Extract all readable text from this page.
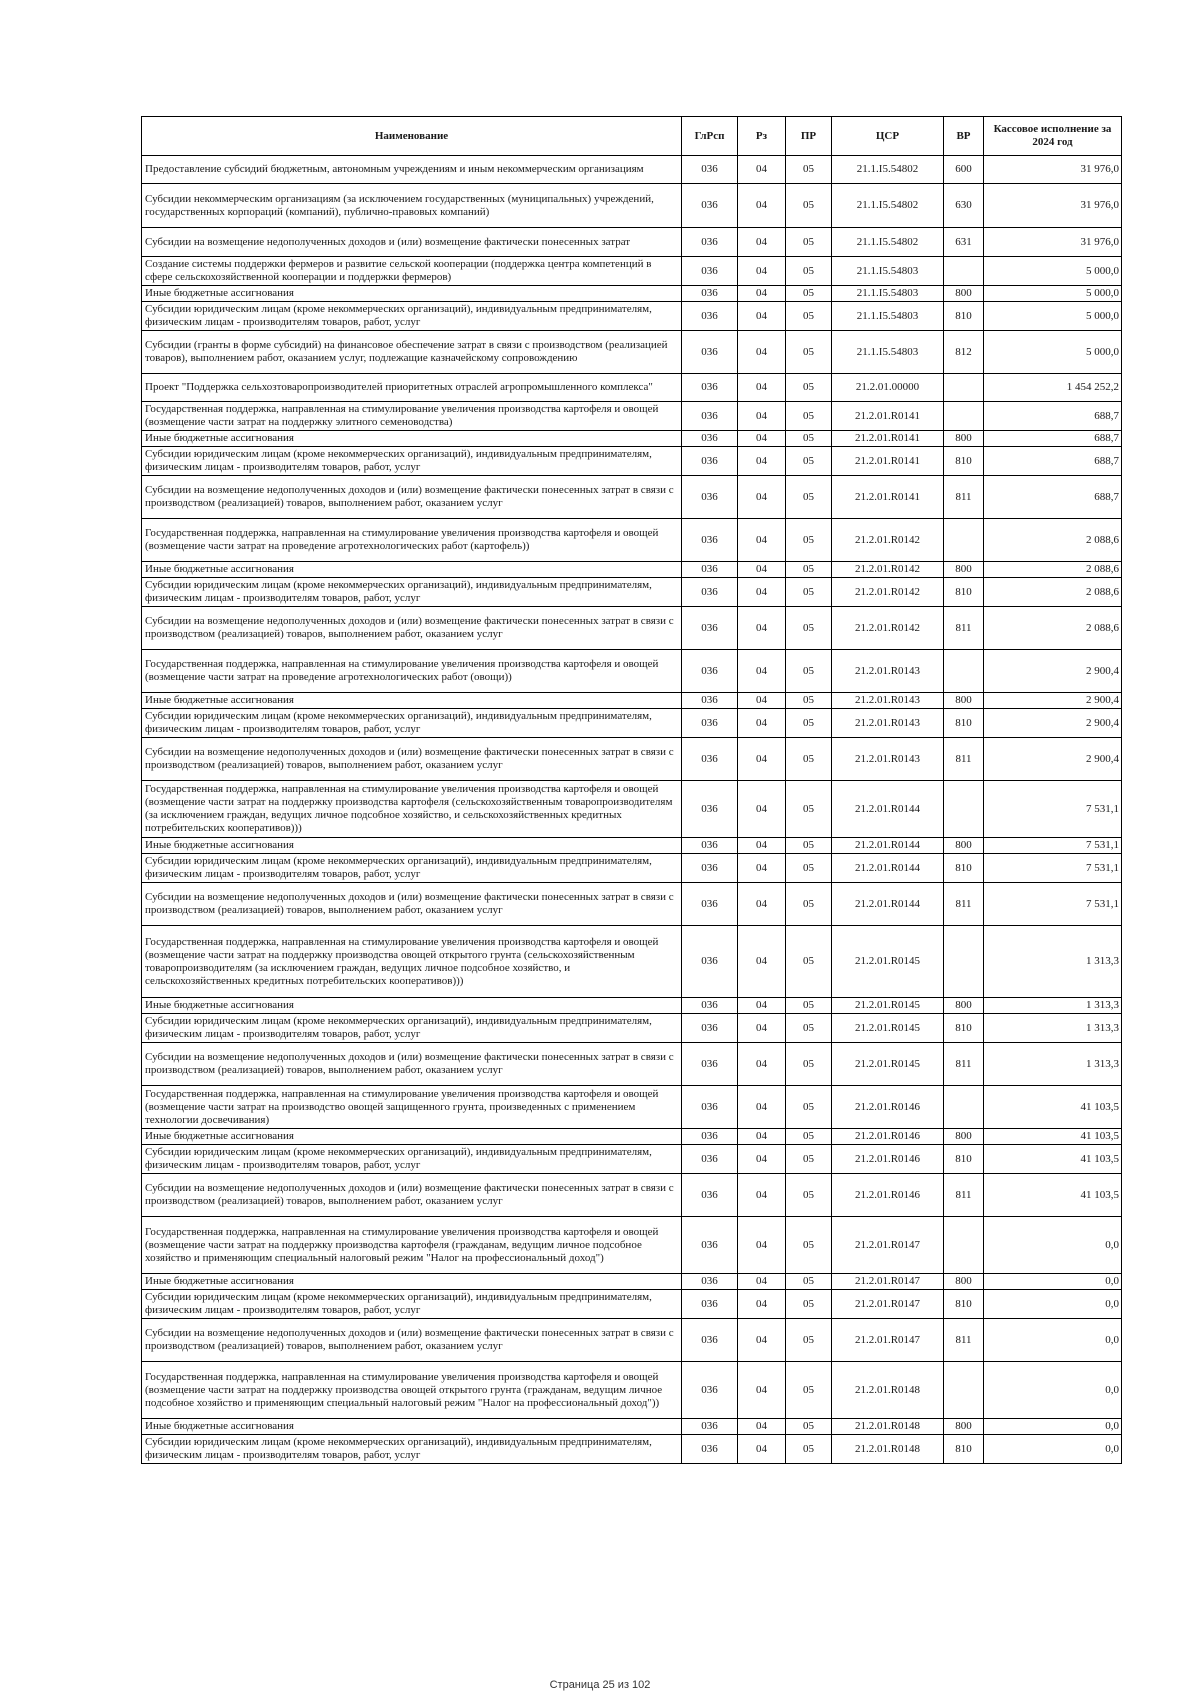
Наименование	ГлРсп	Рз	ПР	ЦСР	ВР	Кассовое исполнение за 2024 год
Предоставление субсидий бюджетным, автономным учреждениям и иным некоммерческим организациям	036	04	05	21.1.I5.54802	600	31 976,0
Субсидии некоммерческим организациям (за исключением государственных (муниципальных) учреждений, государственных корпораций (компаний), публично-правовых компаний)	036	04	05	21.1.I5.54802	630	31 976,0
Субсидии на возмещение недополученных доходов и (или) возмещение фактически понесенных затрат	036	04	05	21.1.I5.54802	631	31 976,0
Создание системы поддержки фермеров и развитие сельской кооперации (поддержка центра компетенций в сфере сельскохозяйственной кооперации и поддержки фермеров)	036	04	05	21.1.I5.54803		5 000,0
Иные бюджетные ассигнования	036	04	05	21.1.I5.54803	800	5 000,0
Субсидии юридическим лицам (кроме некоммерческих организаций), индивидуальным предпринимателям, физическим лицам - производителям товаров, работ, услуг	036	04	05	21.1.I5.54803	810	5 000,0
Субсидии (гранты в форме субсидий) на финансовое обеспечение затрат в связи с производством (реализацией товаров), выполнением работ, оказанием услуг, подлежащие казначейскому сопровождению	036	04	05	21.1.I5.54803	812	5 000,0
Проект "Поддержка сельхозтоваропроизводителей приоритетных отраслей агропромышленного комплекса"	036	04	05	21.2.01.00000		1 454 252,2
Государственная поддержка, направленная на стимулирование увеличения производства картофеля и овощей (возмещение части затрат на поддержку элитного семеноводства)	036	04	05	21.2.01.R0141		688,7
Иные бюджетные ассигнования	036	04	05	21.2.01.R0141	800	688,7
Субсидии юридическим лицам (кроме некоммерческих организаций), индивидуальным предпринимателям, физическим лицам - производителям товаров, работ, услуг	036	04	05	21.2.01.R0141	810	688,7
Субсидии на возмещение недополученных доходов и (или) возмещение фактически понесенных затрат в связи с производством (реализацией) товаров, выполнением работ, оказанием услуг	036	04	05	21.2.01.R0141	811	688,7
Государственная поддержка, направленная на стимулирование увеличения производства картофеля и овощей (возмещение части затрат на проведение агротехнологических работ (картофель))	036	04	05	21.2.01.R0142		2 088,6
Иные бюджетные ассигнования	036	04	05	21.2.01.R0142	800	2 088,6
Субсидии юридическим лицам (кроме некоммерческих организаций), индивидуальным предпринимателям, физическим лицам - производителям товаров, работ, услуг	036	04	05	21.2.01.R0142	810	2 088,6
Субсидии на возмещение недополученных доходов и (или) возмещение фактически понесенных затрат в связи с производством (реализацией) товаров, выполнением работ, оказанием услуг	036	04	05	21.2.01.R0142	811	2 088,6
Государственная поддержка, направленная на стимулирование увеличения производства картофеля и овощей (возмещение части затрат на проведение агротехнологических работ (овощи))	036	04	05	21.2.01.R0143		2 900,4
Иные бюджетные ассигнования	036	04	05	21.2.01.R0143	800	2 900,4
Субсидии юридическим лицам (кроме некоммерческих организаций), индивидуальным предпринимателям, физическим лицам - производителям товаров, работ, услуг	036	04	05	21.2.01.R0143	810	2 900,4
Субсидии на возмещение недополученных доходов и (или) возмещение фактически понесенных затрат в связи с производством (реализацией) товаров, выполнением работ, оказанием услуг	036	04	05	21.2.01.R0143	811	2 900,4
Государственная поддержка, направленная на стимулирование увеличения производства картофеля и овощей (возмещение части затрат на поддержку производства картофеля (сельскохозяйственным товаропроизводителям (за исключением граждан, ведущих личное подсобное хозяйство, и сельскохозяйственных кредитных потребительских кооперативов)))	036	04	05	21.2.01.R0144		7 531,1
Иные бюджетные ассигнования	036	04	05	21.2.01.R0144	800	7 531,1
Субсидии юридическим лицам (кроме некоммерческих организаций), индивидуальным предпринимателям, физическим лицам - производителям товаров, работ, услуг	036	04	05	21.2.01.R0144	810	7 531,1
Субсидии на возмещение недополученных доходов и (или) возмещение фактически понесенных затрат в связи с производством (реализацией) товаров, выполнением работ, оказанием услуг	036	04	05	21.2.01.R0144	811	7 531,1
Государственная поддержка, направленная на стимулирование увеличения производства картофеля и овощей (возмещение части затрат на поддержку производства овощей открытого грунта (сельскохозяйственным товаропроизводителям (за исключением граждан, ведущих личное подсобное хозяйство, и сельскохозяйственных кредитных потребительских кооперативов)))	036	04	05	21.2.01.R0145		1 313,3
Иные бюджетные ассигнования	036	04	05	21.2.01.R0145	800	1 313,3
Субсидии юридическим лицам (кроме некоммерческих организаций), индивидуальным предпринимателям, физическим лицам - производителям товаров, работ, услуг	036	04	05	21.2.01.R0145	810	1 313,3
Субсидии на возмещение недополученных доходов и (или) возмещение фактически понесенных затрат в связи с производством (реализацией) товаров, выполнением работ, оказанием услуг	036	04	05	21.2.01.R0145	811	1 313,3
Государственная поддержка, направленная на стимулирование увеличения производства картофеля и овощей (возмещение части затрат на производство овощей защищенного грунта, произведенных с применением технологии досвечивания)	036	04	05	21.2.01.R0146		41 103,5
Иные бюджетные ассигнования	036	04	05	21.2.01.R0146	800	41 103,5
Субсидии юридическим лицам (кроме некоммерческих организаций), индивидуальным предпринимателям, физическим лицам - производителям товаров, работ, услуг	036	04	05	21.2.01.R0146	810	41 103,5
Субсидии на возмещение недополученных доходов и (или) возмещение фактически понесенных затрат в связи с производством (реализацией) товаров, выполнением работ, оказанием услуг	036	04	05	21.2.01.R0146	811	41 103,5
Государственная поддержка, направленная на стимулирование увеличения производства картофеля и овощей (возмещение части затрат на поддержку производства картофеля (гражданам, ведущим личное подсобное хозяйство и применяющим специальный налоговый режим "Налог на профессиональный доход")	036	04	05	21.2.01.R0147		0,0
Иные бюджетные ассигнования	036	04	05	21.2.01.R0147	800	0,0
Субсидии юридическим лицам (кроме некоммерческих организаций), индивидуальным предпринимателям, физическим лицам - производителям товаров, работ, услуг	036	04	05	21.2.01.R0147	810	0,0
Субсидии на возмещение недополученных доходов и (или) возмещение фактически понесенных затрат в связи с производством (реализацией) товаров, выполнением работ, оказанием услуг	036	04	05	21.2.01.R0147	811	0,0
Государственная поддержка, направленная на стимулирование увеличения производства картофеля и овощей (возмещение части затрат на поддержку производства овощей открытого грунта (гражданам, ведущим личное подсобное хозяйство и применяющим специальный налоговый режим "Налог на профессиональный доход"))	036	04	05	21.2.01.R0148		0,0
Иные бюджетные ассигнования	036	04	05	21.2.01.R0148	800	0,0
Субсидии юридическим лицам (кроме некоммерческих организаций), индивидуальным предпринимателям, физическим лицам - производителям товаров, работ, услуг	036	04	05	21.2.01.R0148	810	0,0
Страница 25 из 102
